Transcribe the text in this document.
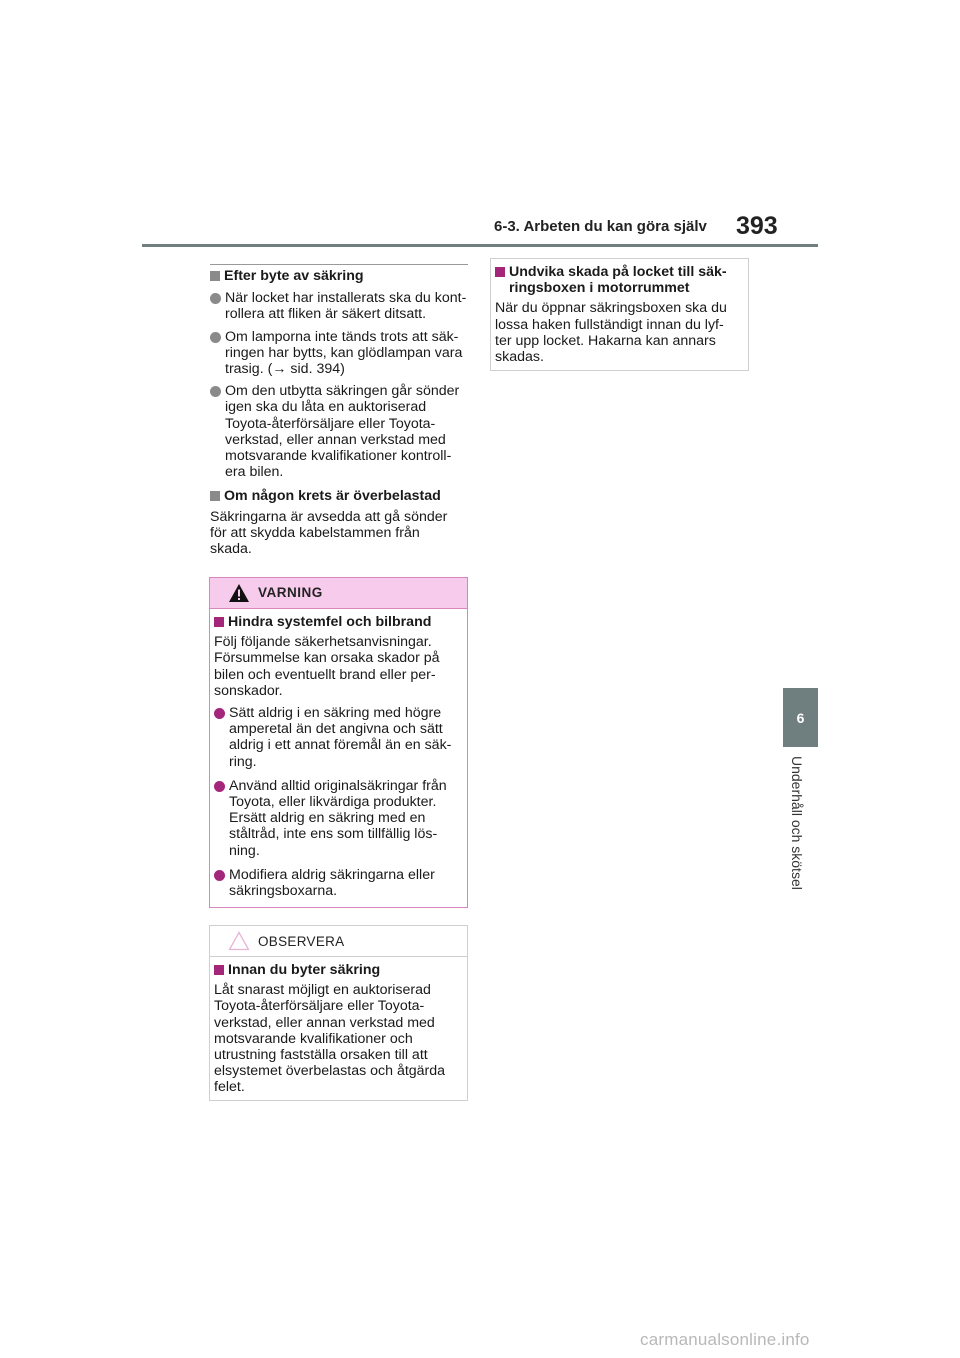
6-3. Arbeten du kan göra själv 393
6
Underhåll och skötsel
Efter byte av säkring

När locket har installerats ska du kont-

rollera att fliken är säkert ditsatt.

Om lamporna inte tänds trots att säk-

ringen har bytts, kan glödlampan vara

trasig. (→ sid. 394)

Om den utbytta säkringen går sönder

igen ska du låta en auktoriserad

Toyota-återförsäljare eller Toyota-

verkstad, eller annan verkstad med

motsvarande kvalifikationer kontroll-

era bilen.

Om någon krets är överbelastad

Säkringarna är avsedda att gå sönder

för att skydda kabelstammen från

skada.

VARNING
Hindra systemfel och bilbrand

Följ följande säkerhetsanvisningar.

Försummelse kan orsaka skador på

bilen och eventuellt brand eller per-

sonskador.

Sätt aldrig i en säkring med högre

amperetal än det angivna och sätt

aldrig i ett annat föremål än en säk-

ring.

Använd alltid originalsäkringar från

Toyota, eller likvärdiga produkter.

Ersätt aldrig en säkring med en

ståltråd, inte ens som tillfällig lös-

ning.

Modifiera aldrig säkringarna eller

säkringsboxarna.

OBSERVERA
Innan du byter säkring

Låt snarast möjligt en auktoriserad

Toyota-återförsäljare eller Toyota-

verkstad, eller annan verkstad med

motsvarande kvalifikationer och

utrustning fastställa orsaken till att

elsystemet överbelastas och åtgärda

felet.

Undvika skada på locket till säk-

ringsboxen i motorrummet

När du öppnar säkringsboxen ska du

lossa haken fullständigt innan du lyf-

ter upp locket. Hakarna kan annars

skadas.

carmanualsonline.info
